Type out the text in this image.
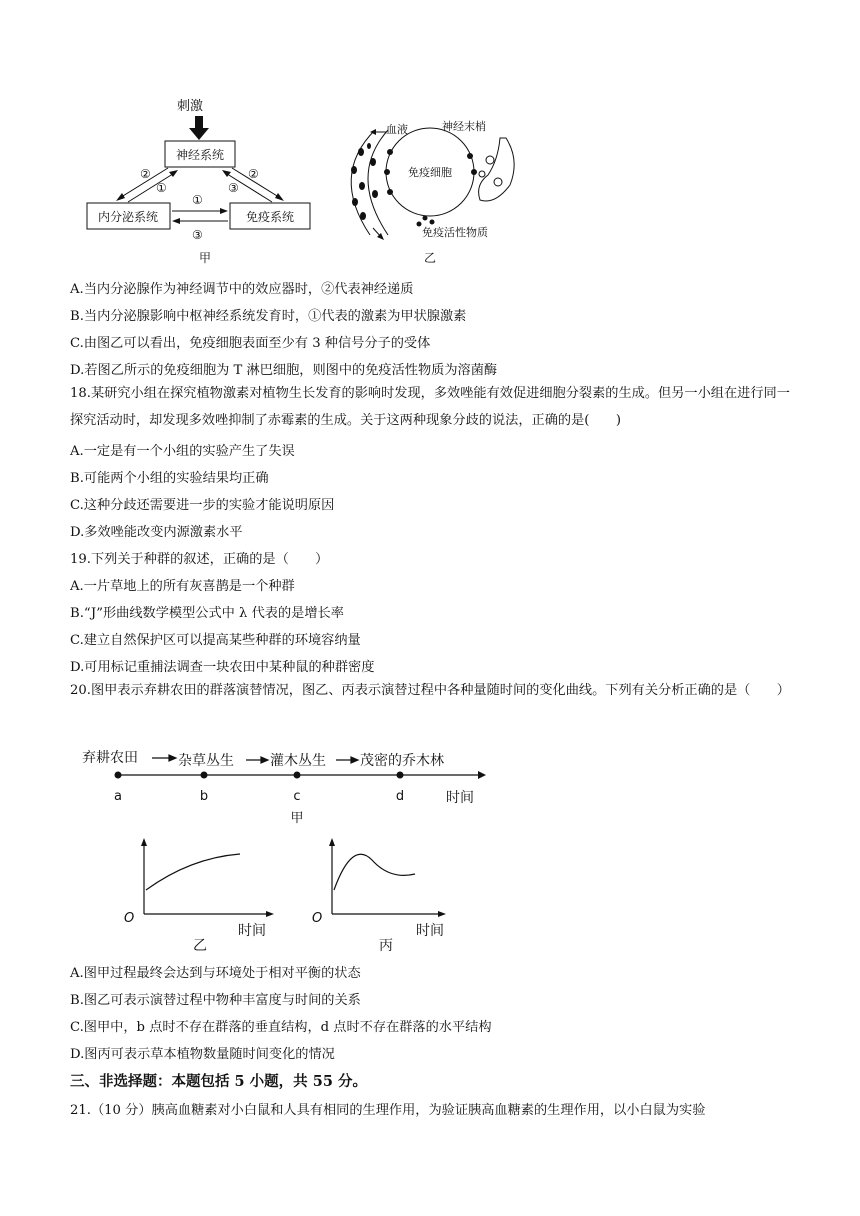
刺激
神经系统
内分泌系统	免疫系统
②
①	③
②
①
③
甲
血液
免疫细胞
神经末梢
免疫活性物质
乙
A.当内分泌腺作为神经调节中的效应器时，②代表神经递质
B.当内分泌腺影响中枢神经系统发育时，①代表的激素为甲状腺激素
C.由图乙可以看出，免疫细胞表面至少有 3 种信号分子的受体
D.若图乙所示的免疫细胞为 T 淋巴细胞，则图中的免疫活性物质为溶菌酶
18.某研究小组在探究植物激素对植物生长发育的影响时发现，多效唑能有效促进细胞分裂素的生成。但另一小组在进行同一探究活动时，却发现多效唑抑制了赤霉素的生成。关于这两种现象分歧的说法，正确的是(　　)
A.一定是有一个小组的实验产生了失误
B.可能两个小组的实验结果均正确
C.这种分歧还需要进一步的实验才能说明原因
D.多效唑能改变内源激素水平
19.下列关于种群的叙述，正确的是（　　）
A.一片草地上的所有灰喜鹊是一个种群
B.“J”形曲线数学模型公式中 λ 代表的是增长率
C.建立自然保护区可以提高某些种群的环境容纳量
D.可用标记重捕法调查一块农田中某种鼠的种群密度
20.图甲表示弃耕农田的群落演替情况，图乙、丙表示演替过程中各种量随时间的变化曲线。下列有关分析正确的是（　　）
弃耕农田	杂草丛生	灌木丛生 茂密的乔木林
a	b	c	d	时间
甲
O
时间
乙
O
时间
丙
A.图甲过程最终会达到与环境处于相对平衡的状态
B.图乙可表示演替过程中物种丰富度与时间的关系
C.图甲中，b 点时不存在群落的垂直结构，d 点时不存在群落的水平结构
D.图丙可表示草本植物数量随时间变化的情况
三、非选择题：本题包括 5 小题，共 55 分。
21.（10 分）胰高血糖素对小白鼠和人具有相同的生理作用，为验证胰高血糖素的生理作用，以小白鼠为实验
